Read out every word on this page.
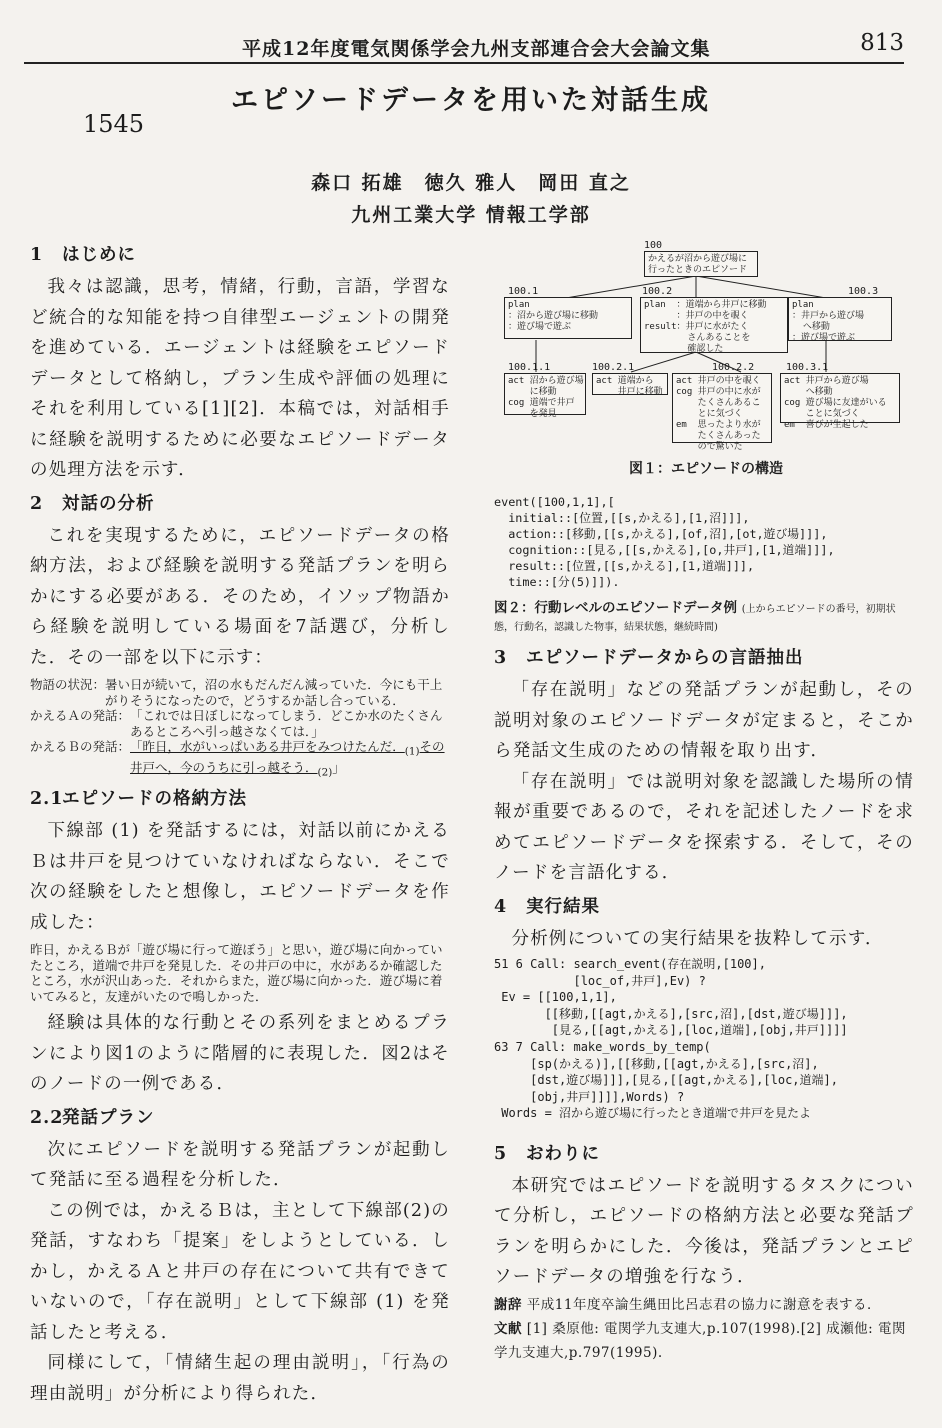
平成12年度電気関係学会九州支部連合会大会論文集	813
エピソードデータを用いた対話生成
1545
森口 拓雄　徳久 雅人　岡田 直之
九州工業大学 情報工学部
1 はじめに

我々は認識，思考，情緒，行動，言語，学習など統合的な知能を持つ自律型エージェントの開発を進めている．エージェントは経験をエピソードデータとして格納し，プラン生成や評価の処理にそれを利用している[1][2]．本稿では，対話相手に経験を説明するために必要なエピソードデータの処理方法を示す．

2 対話の分析

これを実現するために，エピソードデータの格納方法，および経験を説明する発話プランを明らかにする必要がある．そのため，イソップ物語から経験を説明している場面を7話選び，分析した．その一部を以下に示す：

物語の状況： 暑い日が続いて，沼の水もだんだん減っていた．今にも干上がりそうになったので，どうするか話し合っている．
かえるＡの発話： 「これでは日ぼしになってしまう．どこか水のたくさんあるところへ引っ越さなくては．」
かえるＢの発話： 「昨日，水がいっぱいある井戸をみつけたんだ．$_{(1)}$その井戸へ，今のうちに引っ越そう．$_{(2)}$」
2.1エピソードの格納方法

下線部 (1) を発話するには，対話以前にかえるＢは井戸を見つけていなければならない．そこで次の経験をしたと想像し，エピソードデータを作成した：

昨日，かえるＢが「遊び場に行って遊ぼう」と思い，遊び場に向かっていたところ，道端で井戸を発見した．その井戸の中に，水があるか確認したところ，水が沢山あった．それからまた，遊び場に向かった．遊び場に着いてみると，友達がいたので鳴しかった．

経験は具体的な行動とその系列をまとめるプランにより図1のように階層的に表現した．図2はそのノードの一例である．

2.2発話プラン

次にエピソードを説明する発話プランが起動して発話に至る過程を分析した．

この例では，かえるＢは，主として下線部(2)の発話，すなわち「提案」をしようとしている．しかし，かえるＡと井戸の存在について共有できていないので，「存在説明」として下線部 (1) を発話したと考える．

同様にして，「情緒生起の理由説明」，「行為の理由説明」が分析により得られた．

100
かえるが沼から遊び場に行ったときのエピソード
100.1
plan
：沼から遊び場に移動
：遊び場で遊ぶ
100.2
plan  ：道端から井戸に移動
：井戸の中を覗く
result：井戸に水がたく
さんあることを
確認した
100.3
plan
：井戸から遊び場
へ移動
：遊び場で遊ぶ
100.1.1
act 沼から遊び場
に移動
cog 道端で井戸
を発見
100.2.1
act 道端から
井戸に移動
100.2.2
act 井戸の中を覗く
cog 井戸の中に水が
たくさんあるこ
とに気づく
em  思ったより水が
たくさんあった
ので驚いた
100.3.1
act 井戸から遊び場
へ移動
cog 遊び場に友達がいる
ことに気づく
em  喜びが生起した
図１：エピソードの構造
event([100,1,1],[
initial::[位置,[[s,かえる],[1,沼]]],
action::[移動,[[s,かえる],[of,沼],[ot,遊び場]]],
cognition::[見る,[[s,かえる],[o,井戸],[1,道端]]],
result::[位置,[[s,かえる],[1,道端]]],
time::[分(5)]]).
図２：行動レベルのエピソードデータ例 (上からエピソードの番号，初期状態，行動名，認識した物事，結果状態，継続時間)
3 エピソードデータからの言語抽出

「存在説明」などの発話プランが起動し，その説明対象のエピソードデータが定まると，そこから発話文生成のための情報を取り出す．

「存在説明」では説明対象を認識した場所の情報が重要であるので，それを記述したノードを求めてエピソードデータを探索する．そして，そのノードを言語化する．

4 実行結果

分析例についての実行結果を抜粋して示す．

51 6 Call: search_event(存在説明,[100],
[loc_of,井戸],Ev) ?
Ev = [[100,1,1],
[[移動,[[agt,かえる],[src,沼],[dst,遊び場]]],
[見る,[[agt,かえる],[loc,道端],[obj,井戸]]]]
63 7 Call: make_words_by_temp(
[sp(かえる)],[[移動,[[agt,かえる],[src,沼],
[dst,遊び場]]],[見る,[[agt,かえる],[loc,道端],
[obj,井戸]]]],Words) ?
Words = 沼から遊び場に行ったとき道端で井戸を見たよ
5 おわりに

本研究ではエピソードを説明するタスクについて分析し，エピソードの格納方法と必要な発話プランを明らかにした．今後は，発話プランとエピソードデータの増強を行なう．

謝辞 平成11年度卒論生縄田比呂志君の協力に謝意を表する．

文献 [1] 桑原他: 電関学九支連大,p.107(1998).[2] 成瀬他: 電関学九支連大,p.797(1995).
